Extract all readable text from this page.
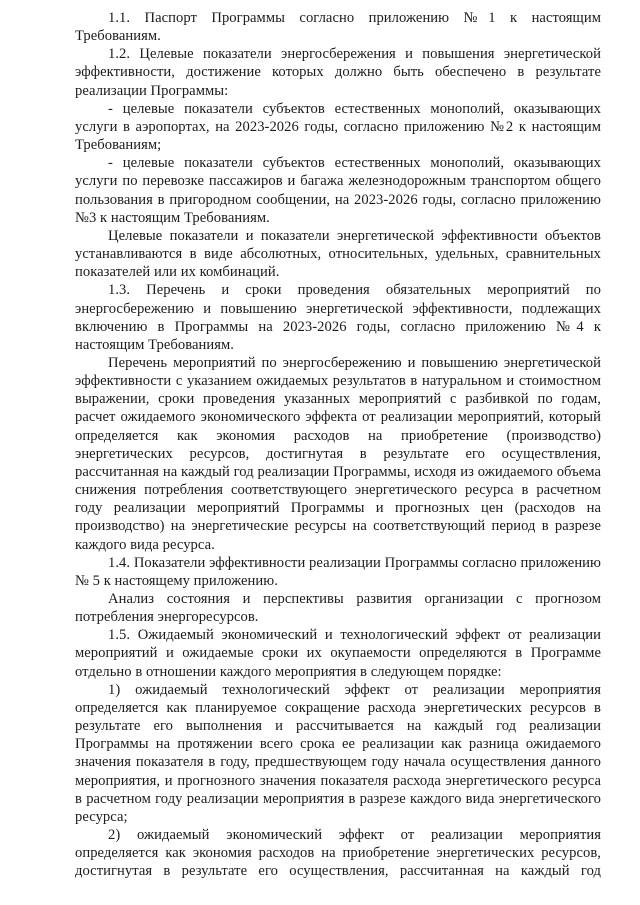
1.1. Паспорт Программы согласно приложению №1 к настоящим Требованиям.

1.2. Целевые показатели энергосбережения и повышения энергетической эффективности, достижение которых должно быть обеспечено в результате реализации Программы:

- целевые показатели субъектов естественных монополий, оказывающих услуги в аэропортах, на 2023-2026 годы, согласно приложению №2 к настоящим Требованиям;

- целевые показатели субъектов естественных монополий, оказывающих услуги по перевозке пассажиров и багажа железнодорожным транспортом общего пользования в пригородном сообщении, на 2023-2026 годы, согласно приложению №3 к настоящим Требованиям.

Целевые показатели и показатели энергетической эффективности объектов устанавливаются в виде абсолютных, относительных, удельных, сравнительных показателей или их комбинаций.

1.3. Перечень и сроки проведения обязательных мероприятий по энергосбережению и повышению энергетической эффективности, подлежащих включению в Программы на 2023-2026 годы, согласно приложению №4 к настоящим Требованиям.

Перечень мероприятий по энергосбережению и повышению энергетической эффективности с указанием ожидаемых результатов в натуральном и стоимостном выражении, сроки проведения указанных мероприятий с разбивкой по годам, расчет ожидаемого экономического эффекта от реализации мероприятий, который определяется как экономия расходов на приобретение (производство) энергетических ресурсов, достигнутая в результате его осуществления, рассчитанная на каждый год реализации Программы, исходя из ожидаемого объема снижения потребления соответствующего энергетического ресурса в расчетном году реализации мероприятий Программы и прогнозных цен (расходов на производство) на энергетические ресурсы на соответствующий период в разрезе каждого вида ресурса.

1.4. Показатели эффективности реализации Программы согласно приложению № 5 к настоящему приложению.

Анализ состояния и перспективы развития организации с прогнозом потребления энергоресурсов.

1.5. Ожидаемый экономический и технологический эффект от реализации мероприятий и ожидаемые сроки их окупаемости определяются в Программе отдельно в отношении каждого мероприятия в следующем порядке:

1) ожидаемый технологический эффект от реализации мероприятия определяется как планируемое сокращение расхода энергетических ресурсов в результате его выполнения и рассчитывается на каждый год реализации Программы на протяжении всего срока ее реализации как разница ожидаемого значения показателя в году, предшествующем году начала осуществления данного мероприятия, и прогнозного значения показателя расхода энергетического ресурса в расчетном году реализации мероприятия в разрезе каждого вида энергетического ресурса;

2) ожидаемый экономический эффект от реализации мероприятия определяется как экономия расходов на приобретение энергетических ресурсов, достигнутая в результате его осуществления, рассчитанная на каждый год
